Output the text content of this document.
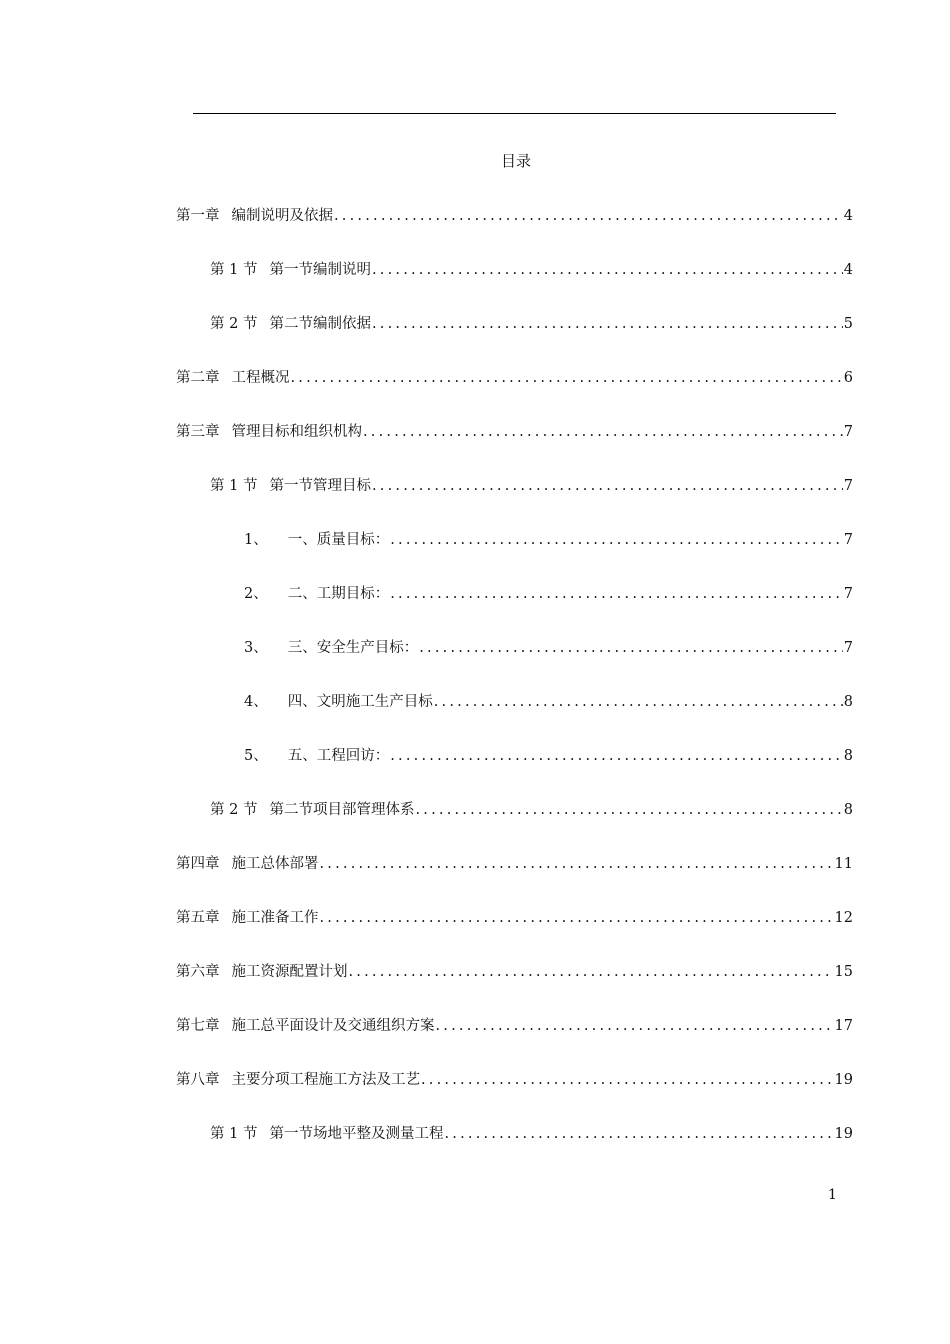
目录
第一章 编制说明及依据 .....	4
第 1 节 第一节编制说明 .....	4
第 2 节 第二节编制依据 .....	5
第二章 工程概况 .....	6
第三章 管理目标和组织机构 .....	7
第 1 节 第一节管理目标 .....	7
1、 一、质量目标： .....	7
2、 二、工期目标： .....	7
3、 三、安全生产目标： .....	7
4、 四、文明施工生产目标 .....	8
5、 五、工程回访： .....	8
第 2 节 第二节项目部管理体系 .....	8
第四章 施工总体部署 .....	11
第五章 施工准备工作 .....	12
第六章 施工资源配置计划 .....	15
第七章 施工总平面设计及交通组织方案 .....	17
第八章 主要分项工程施工方法及工艺 .....	19
第 1 节 第一节场地平整及测量工程 .....	19
1
